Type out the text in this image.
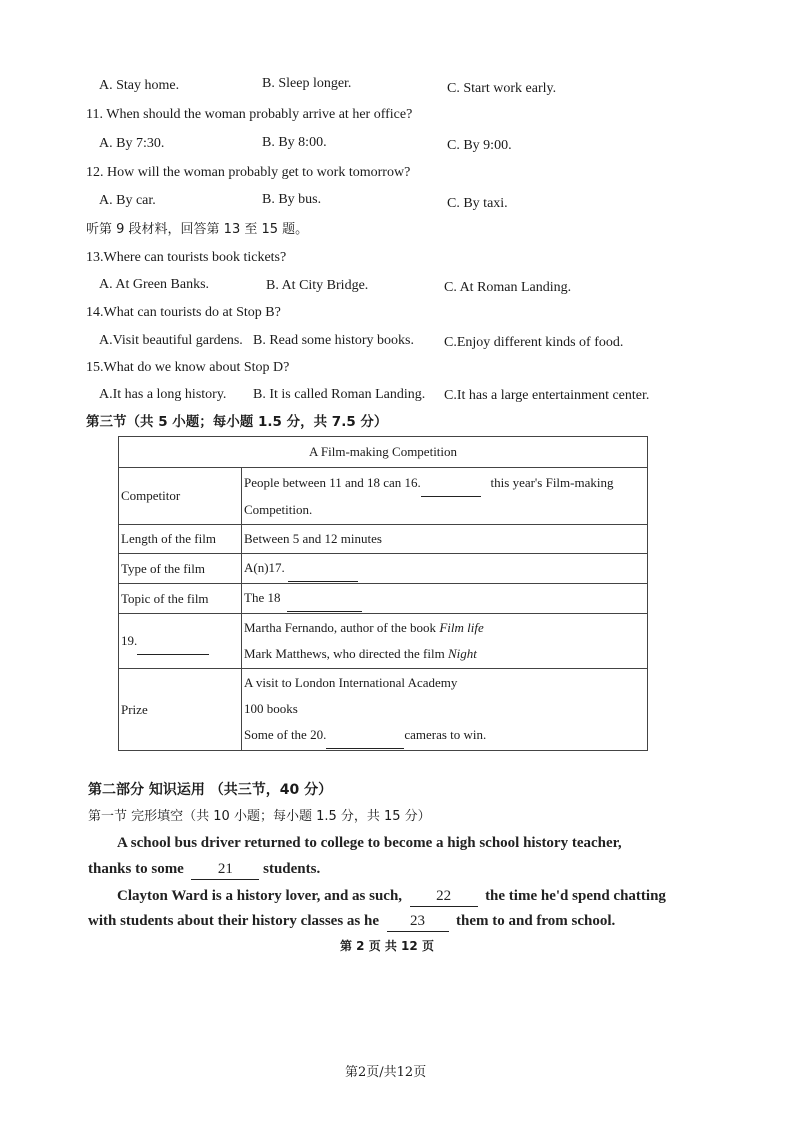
A. Stay home.	B. Sleep longer.	C. Start work early.
11. When should the woman probably arrive at her office?
A. By 7:30.	B. By 8:00.	C. By 9:00.
12. How will the woman probably get to work tomorrow?
A. By car.	B. By bus.	C. By taxi.
听第 9 段材料，回答第 13 至 15 题。
13.Where can tourists book tickets?
A. At Green Banks.	B. At City Bridge.	C. At Roman Landing.
14.What can tourists do at Stop B?
A.Visit beautiful gardens. B. Read some history books. C.Enjoy different kinds of food.
15.What do we know about Stop D?
A.It has a long history. B. It is called Roman Landing. C.It has a large entertainment center.
第三节（共 5 小题；每小题 1.5 分，共 7.5 分）
A Film-making Competition	
Competitor	People between 11 and 18 can 16. this year's Film-making
Competition.

Length of the film	Between 5 and 12 minutes
Type of the film	A(n)17.
Topic of the film	The 18
19.	Martha Fernando, author of the book Film life
Mark Matthews, who directed the film Night

Prize	A visit to London International Academy
100 books
Some of the 20. cameras to win.
第二部分 知识运用 （共三节，40 分）
第一节 完形填空（共 10 小题；每小题 1.5 分，共 15 分）
A school bus driver returned to college to become a high school history teacher,
thanks to some 21 students.
Clayton Ward is a history lover, and as such, 22 the time he'd spend chatting
with students about their history classes as he 23 them to and from school.
第 2 页 共 12 页
第2页/共12页
